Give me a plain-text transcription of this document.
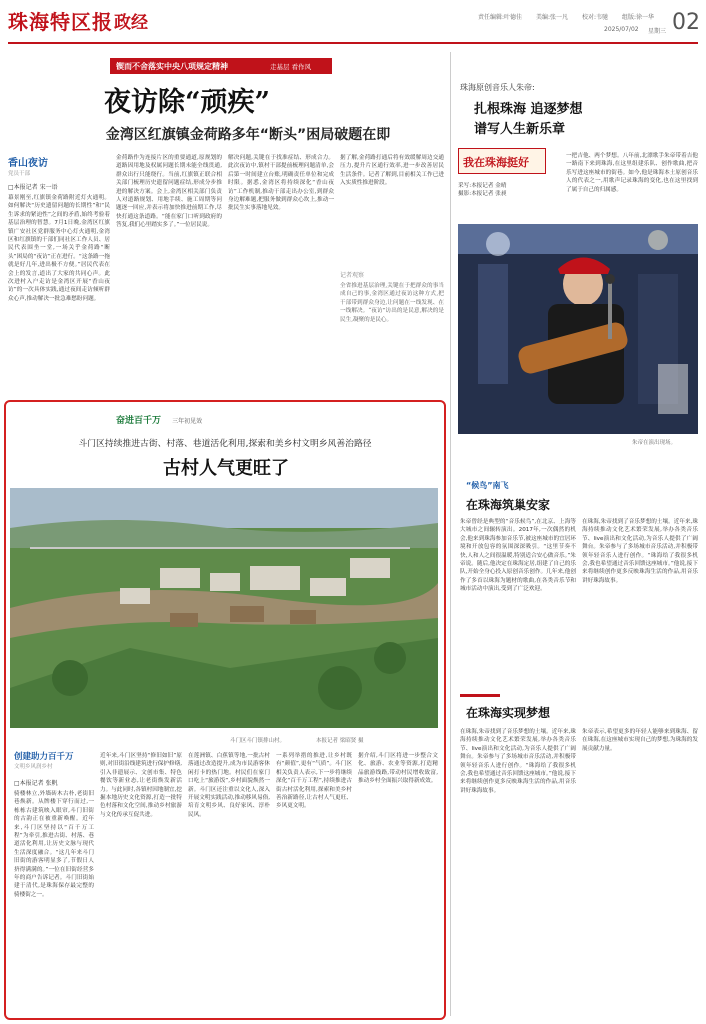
珠海特区报 政经	责任编辑:叶德佳 美编:张一凡 校对:韦驰 组版:徐一华
2025/07/02 星期三 02
锲而不舍落实中央八项规定精神	走基层 看作风
夜访除“顽疾”
金湾区红旗镇金荷路多年“断头”困局破题在即
香山夜访
党员干部
□本报记者 宋一语
幕景刚至,红旗镇金荷路附近灯火通明。如何解决“历史遗留问题的长期性”和“民生诉求的紧迫性”之间的矛盾,始终考验着基层治理的智慧。7月1日晚,金湾区红旗镇广安社区党群服务中心灯火通明,金湾区和红旗镇的干部们同社区工作人员、居民代表围坐一堂,一场关乎金荷路“断头”困局的“夜访”正在进行。“这条路一拖就是好几年,进出极不方便。”居民代表在会上的发言,道出了大家的共同心声。此次进村入户走访是金湾区开展“香山夜访”的一次具体实践,通过夜间走访倾听群众心声,推动解决一批急难愁盼问题。
金荷路作为连接片区的重要通道,原规划的道路因用地及权属问题长期未能全线贯通,群众出行只能绕行。当前,红旗镇正联合相关部门梳理历史遗留问题症结,形成分步推进的解决方案。会上,金湾区相关部门负责人对道路规划、用地手续、施工周期等问题逐一回应,并表示将加快推进前期工作,尽快打通这条道路。“能在家门口听到政府的答复,我们心里踏实多了。”一位居民说。
解决问题,关键在于找准症结、形成合力。此次夜访中,镇村干部提前梳理问题清单,会后第一时间建立台账,明确责任单位和完成时限。据悉,金湾区将持续深化“香山夜访”工作机制,推动干部走出办公室,到群众身边解难题,把服务做到群众心坎上,推动一批民生实事落地见效。
据了解,金荷路打通后将有效缓解周边交通压力,提升片区通行效率,进一步改善居民生活条件。记者了解到,目前相关工作已进入实质性推进阶段。
记者观察
全省推进基层治理,关键在于把群众的事当成自己的事,金湾区通过夜访这种方式,把干部带到群众身边,让问题在一线发现、在一线解决。“夜访”访出的是民意,解决的是民生,凝聚的是民心。
珠海原创音乐人朱帝:
扎根珠海 追逐梦想
谱写人生新乐章
我在珠海挺好
采写:本报记者 金晴
摄影:本报记者 张昶
一把吉他、两个梦想。八年前,北漂歌手朱帝带着吉他一路南下来到珠海,在这里组建乐队、创作歌曲,把音乐写进这座城市的街巷。如今,他是珠海本土原创音乐人的代表之一,用歌声记录珠海的变化,也在这里找到了属于自己的归属感。
朱帝在演出现场。
“候鸟”南飞
在珠海筑巢安家
朱帝曾经是典型的“音乐候鸟”,在北京、上海等大城市之间辗转演出。2017年,一次偶然的机会,他来到珠海参加音乐节,被这座城市的宜居环境和开放包容的氛围深深吸引。“这里节奏不快,人和人之间很温暖,特别适合安心做音乐。”朱帝说。随后,他决定在珠海定居,组建了自己的乐队,开始全身心投入原创音乐创作。几年来,他创作了多首以珠海为题材的歌曲,在各类音乐节和城市活动中演出,受到了广泛欢迎。
在珠海,朱帝找到了音乐梦想的土壤。近年来,珠海持续推动文化艺术繁荣发展,举办各类音乐节、live演出和文化活动,为音乐人提供了广阔舞台。朱帝参与了多场城市音乐活动,并积极带领年轻音乐人进行创作。“珠海给了我很多机会,我也希望通过音乐回馈这座城市。”他说,接下来将继续创作更多反映珠海生活的作品,用音乐讲好珠海故事。
在珠海实现梦想
在珠海,朱帝找到了音乐梦想的土壤。近年来,珠海持续推动文化艺术繁荣发展,举办各类音乐节、live演出和文化活动,为音乐人提供了广阔舞台。朱帝参与了多场城市音乐活动,并积极带领年轻音乐人进行创作。“珠海给了我很多机会,我也希望通过音乐回馈这座城市。”他说,接下来将继续创作更多反映珠海生活的作品,用音乐讲好珠海故事。
朱帝表示,希望更多的年轻人能够来到珠海、留在珠海,在这座城市实现自己的梦想,为珠海的发展贡献力量。
奋进百千万 三年初见效
斗门区持续推进古街、村落、巷道活化利用,探索和美乡村文明乡风善治路径
古村人气更旺了
斗门区斗门镇排山村。	本报记者 梁昭贤 摄
创建助力百千万
文明乡风润乡村
□本报记者 张帆
骑楼林立,外墙砖木古朴,老街旧巷焕新。从牌楼下穿行而过,一栋栋古建筑映入眼帘,斗门旧街的古韵正在被重新唤醒。近年来,斗门区坚持以“百千万工程”为牵引,推进古街、村落、巷道活化利用,让历史文脉与现代生活深度融合。“这几年来斗门旧街的游客明显多了,节假日人挤得满满的。”一位在旧街经营多年的商户告诉记者。斗门旧街始建于清代,是珠海保存最完整的骑楼街之一。
近年来,斗门区坚持“修旧如旧”原则,对旧街沿线建筑进行保护修缮,引入非遗展示、文创市集、特色餐饮等新业态,让老街焕发新活力。与此同时,各镇村因地制宜,挖掘本地历史文化资源,打造一批特色村落和文化空间,推动乡村旅游与文化传承互促共进。
在莲洲镇、白蕉镇等地,一批古村落通过改造提升,成为市民游客休闲打卡的热门地。村民们在家门口吃上“旅游饭”,乡村面貌焕然一新。斗门区还注重以文化人,深入开展文明实践活动,推动移风易俗,培育文明乡风、良好家风、淳朴民风。
一系列举措的推进,让乡村既有“颜值”,更有“气质”。斗门区相关负责人表示,下一步将继续深化“百千万工程”,持续推进古街古村活化利用,探索和美乡村善治新路径,让古村人气更旺、乡风更文明。
据介绍,斗门区将进一步整合文化、旅游、农业等资源,打造精品旅游线路,带动村民增收致富,推动乡村全面振兴取得新成效。
